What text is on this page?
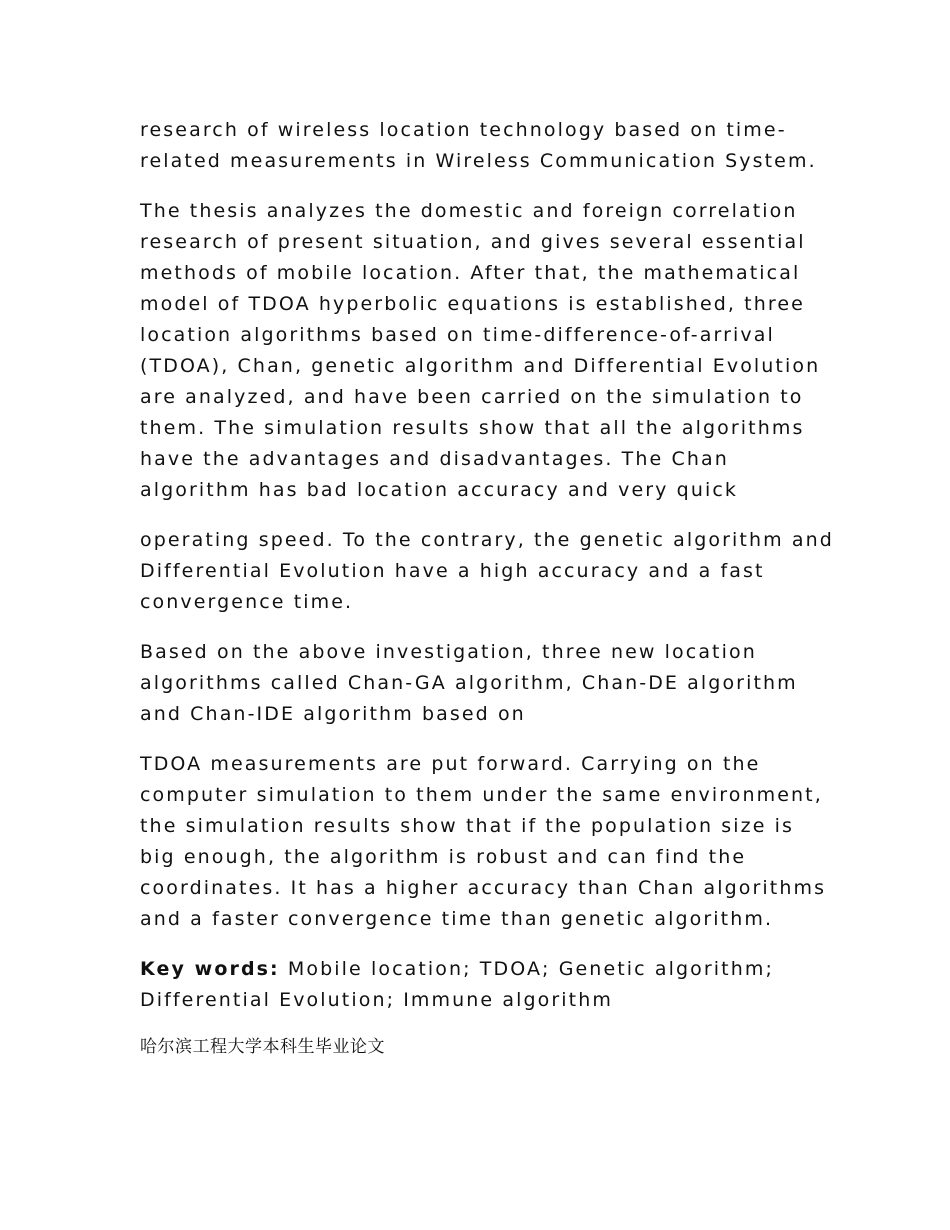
research of wireless location technology based on time-
related measurements in Wireless Communication System.

The thesis analyzes the domestic and foreign correlation
research of present situation, and gives several essential
methods of mobile location. After that, the mathematical
model of TDOA hyperbolic equations is established, three
location algorithms based on time-difference-of-arrival
(TDOA), Chan, genetic algorithm and Differential Evolution
are analyzed, and have been carried on the simulation to
them. The simulation results show that all the algorithms
have the advantages and disadvantages. The Chan
algorithm has bad location accuracy and very quick

operating speed. To the contrary, the genetic algorithm and
Differential Evolution have a high accuracy and a fast
convergence time.

Based on the above investigation, three new location
algorithms called Chan-GA algorithm, Chan-DE algorithm
and Chan-IDE algorithm based on

TDOA measurements are put forward. Carrying on the
computer simulation to them under the same environment,
the simulation results show that if the population size is
big enough, the algorithm is robust and can find the
coordinates. It has a higher accuracy than Chan algorithms
and a faster convergence time than genetic algorithm.

Key words: Mobile location; TDOA; Genetic algorithm;
Differential Evolution; Immune algorithm

哈尔滨工程大学本科生毕业论文
